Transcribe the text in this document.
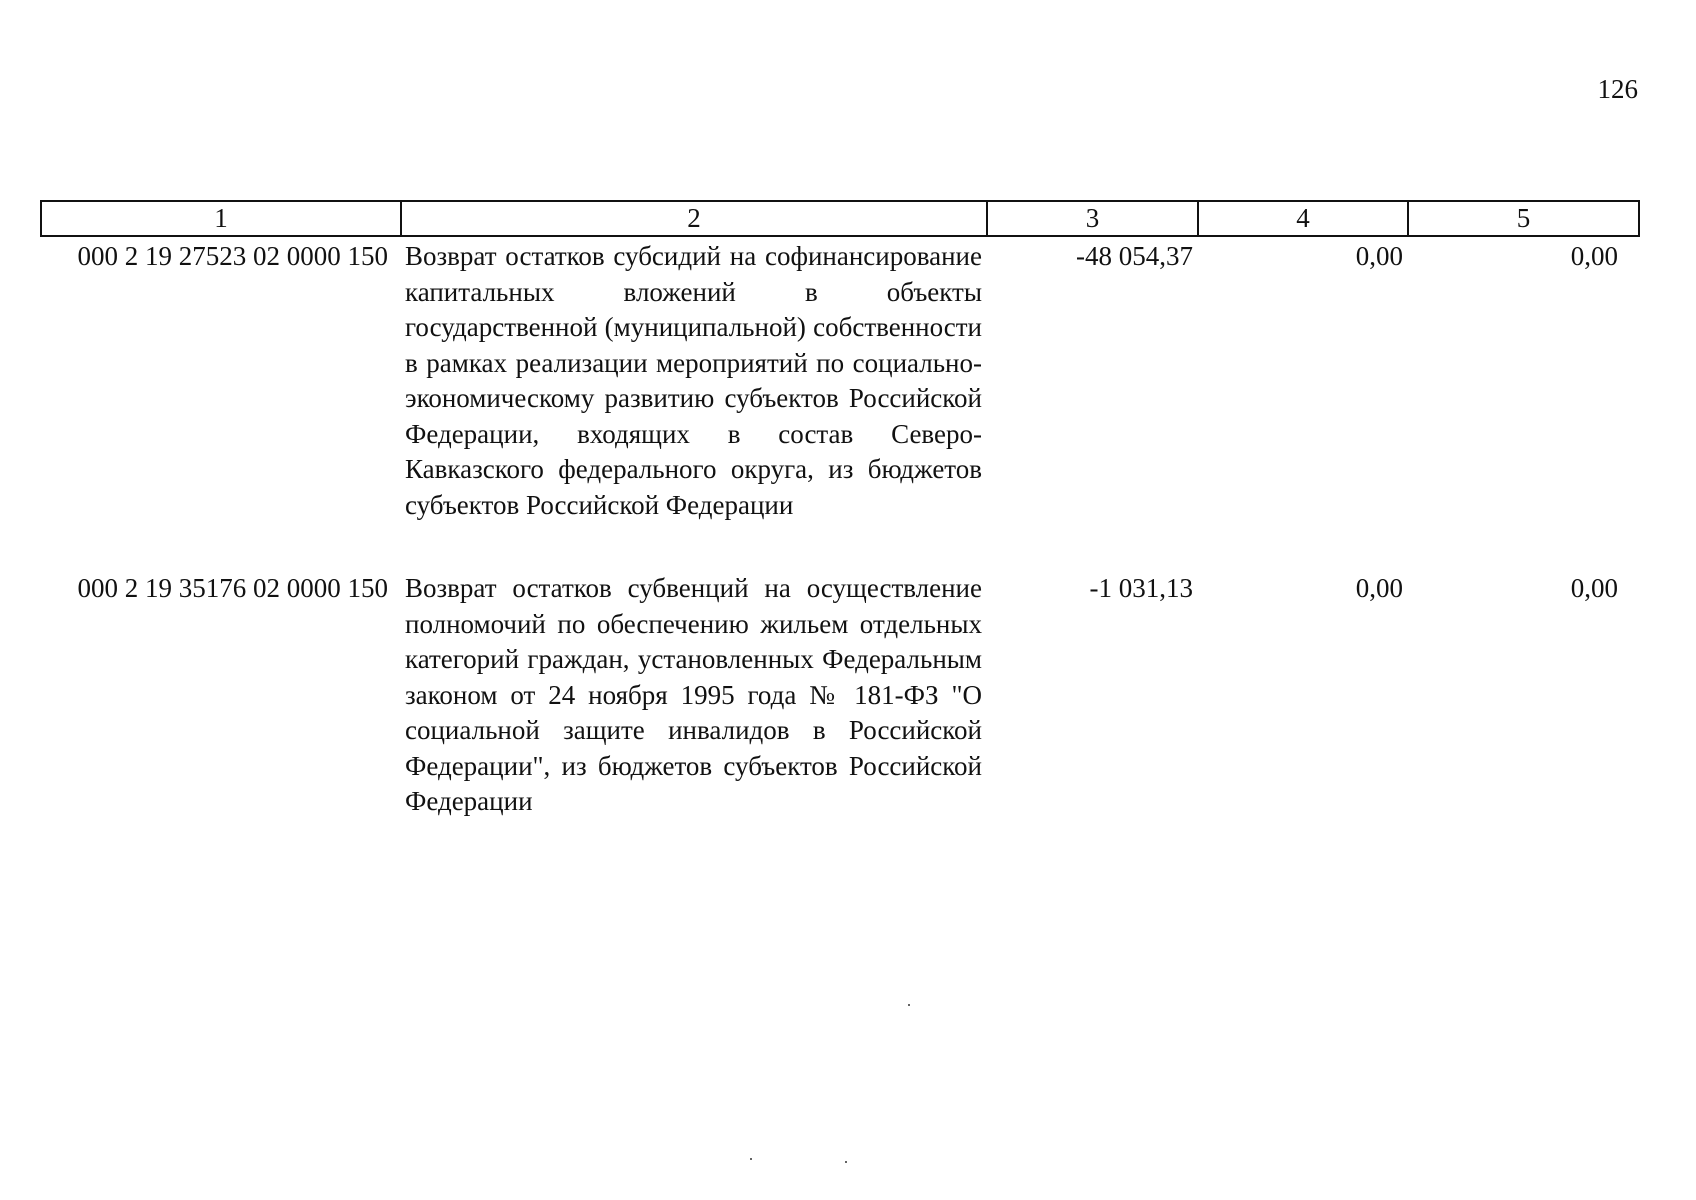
126
1	2	3	4	5
000 2 19 27523 02 0000 150	Возврат остатков субсидий на софинансирование капитальных вложений в объекты государственной (муниципальной) собственности в рамках реализации мероприятий по социально-экономическому развитию субъектов Российской Федерации, входящих в состав Северо-Кавказского федерального округа, из бюджетов субъектов Российской Федерации	-48 054,37	0,00	0,00
000 2 19 35176 02 0000 150	Возврат остатков субвенций на осуществление полномочий по обеспечению жильем отдельных категорий граждан, установленных Федеральным законом от 24 ноября 1995 года № 181-ФЗ "О социальной защите инвалидов в Российской Федерации", из бюджетов субъектов Российской Федерации	-1 031,13	0,00	0,00
